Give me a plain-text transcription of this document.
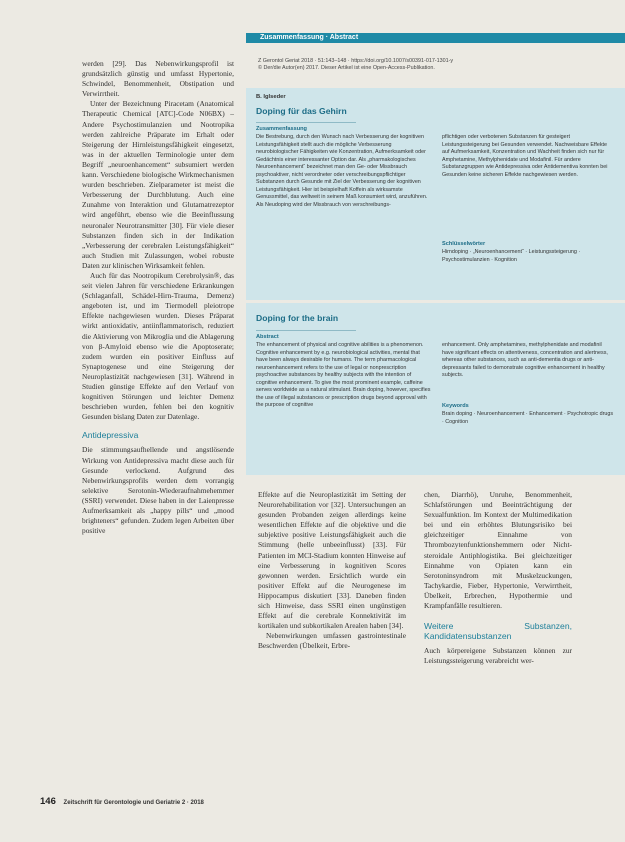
werden [29]. Das Nebenwirkungsprofil ist grundsätzlich günstig und umfasst Hypertonie, Schwindel, Benommenheit, Obstipation und Verwirrtheit.

Unter der Bezeichnung Piracetam (Anatomical Therapeutic Chemical [ATC]-Code N06BX) – Andere Psychostimulanzien und Nootropika werden zahlreiche Präparate im Erhalt oder Steigerung der Hirnleistungsfähigkeit eingesetzt, was in der aktuellen Terminologie unter dem Begriff „neuroenhancement“ subsumiert werden kann. Verschiedene biologische Wirkmechanismen wurden beschrieben. Zielparameter ist meist die Verbesserung der Durchblutung. Auch eine Zunahme von Interaktion und Glutamatrezeptor wird angeführt, ebenso wie die Beeinflussung neuronaler Neurotransmitter [30]. Für viele dieser Substanzen finden sich in der Indikation „Verbesserung der cerebralen Leistungsfähigkeit“ auch Studien mit Zulassungen, wobei robuste Daten zur klinischen Wirksamkeit fehlen.

Auch für das Nootropikum Cerebrolysin®, das seit vielen Jahren für verschiedene Erkrankungen (Schlaganfall, Schädel-Hirn-Trauma, Demenz) angeboten ist, und im Tiermodell pleiotrope Effekte nachgewiesen wurden. Dieses Präparat wirkt antioxidativ, antiinflammatorisch, reduziert die Aktivierung von Mikroglia und die Ablagerung von β-Amyloid ebenso wie die Apoptoserate; zudem wurden ein positiver Einfluss auf Synaptogenese und eine Steigerung der Neuroplastizität nachgewiesen [31]. Während in Studien günstige Effekte auf den Verlauf von kognitiven Störungen und leichter Demenz beschrieben wurden, fehlen bei den kognitiv Gesunden bislang Daten zur Datenlage.

Antidepressiva

Die stimmungsaufhellende und angstlösende Wirkung von Antidepressiva macht diese auch für Gesunde verlockend. Aufgrund des Nebenwirkungsprofils werden dem vorrangig selektive Serotonin-Wiederaufnahmehemmer (SSRI) verwendet. Diese haben in der Laienpresse Aufmerksamkeit als „happy pills“ und „mood brighteners“ gefunden. Zudem legen Arbeiten über positive

Zusammenfassung · Abstract
Z Gerontol Geriat 2018 · 51:143–148 · https://doi.org/10.1007/s00391-017-1301-y
© Der/die Autor(en) 2017. Dieser Artikel ist eine Open-Access-Publikation.
B. Iglseder
Doping für das Gehirn
Zusammenfassung
Die Bestrebung, durch den Wunsch nach Verbesserung der kognitiven Leistungsfähigkeit stellt auch die mögliche Verbesserung neurobiologischer Fähigkeiten wie Konzentration, Aufmerksamkeit oder Gedächtnis einer interessanter Option dar. Als „pharmakologisches Neuroenhancement“ bezeichnet man den Ge- oder Missbrauch psychoaktiver, nicht verordneter oder verschreibungspflichtiger Substanzen durch Gesunde mit Ziel der Verbesserung der kognitiven Leistungsfähigkeit. Hier ist beispielhaft Koffein als wirksamste Genussmittel, das weltweit in seinem Maß konsumiert wird, anzuführen. Als Neudoping wird der Missbrauch von verschreibungs-
pflichtigen oder verbotenen Substanzen für gesteigert Leistungssteigerung bei Gesunden verwendet. Nachweisbare Effekte auf Aufmerksamkeit, Konzentration und Wachheit finden sich nur für Amphetamine, Methylphenidate und Modafinil. Für andere Substanzgruppen wie Antidepressiva oder Antidementiva konnten bei Gesunden keine sicheren Effekte nachgewiesen werden.
Schlüsselwörter
Hirndoping · „Neuroenhancement“ · Leistungssteigerung · Psychostimulanzien · Kognition
Doping for the brain
Abstract
The enhancement of physical and cognitive abilities is a phenomenon. Cognitive enhancement by e.g. neurobiological activities, mental that have been always desirable for humans. The term pharmacological neuroenhancement refers to the use of legal or nonprescription psychoactive substances by healthy subjects with the intention of cognitive enhancement. To give the most prominent example, caffeine serves worldwide as a natural stimulant. Brain doping, however, specifies the use of illegal substances or prescription drugs beyond approval with the purpose of cognitive
enhancement. Only amphetamines, methylphenidate and modafinil have significant effects on attentiveness, concentration and alertness, whereas other substances, such as anti-dementia drugs or anti-depressants failed to demonstrate cognitive enhancement in healthy subjects.
Keywords
Brain doping · Neuroenhancement · Enhancement · Psychotropic drugs · Cognition

Effekte auf die Neuroplastizität im Setting der Neurorehabilitation vor [32]. Untersuchungen an gesunden Probanden zeigen allerdings keine wesentlichen Effekte auf die objektive und die subjektive positive Leistungsfähigkeit auch die Stimmung (helle unbeeinflusst) [33]. Für Patienten im MCI-Stadium konnten Hinweise auf eine Verbesserung in kognitiven Scores gewonnen werden. Ersichtlich wurde ein positiver Effekt auf die Neurogenese im Hippocampus diskutiert [33]. Daneben finden sich Hinweise, dass SSRI einen ungünstigen Effekt auf die cerebrale Konnektivität im kortikalen und subkortikalen Arealen haben [34].

Nebenwirkungen umfassen gastrointestinale Beschwerden (Übelkeit, Erbre-

chen, Diarrhö), Unruhe, Benommenheit, Schlafstörungen und Beeinträchtigung der Sexualfunktion. Im Kontext der Multimedikation bei und ein erhöhtes Blutungsrisiko bei gleichzeitiger Einnahme von Thrombozytenfunktionshemmern oder Nicht-steroidale Antiphlogistika. Bei gleichzeitiger Einnahme von Opiaten kann ein Serotoninsyndrom mit Muskelzuckungen, Tachykardie, Fieber, Hypertonie, Verwirrtheit, Übelkeit, Erbrechen, Hypothermie und Krampfanfälle resultieren.

Weitere Substanzen, Kandidatensubstanzen

Auch körpereigene Substanzen können zur Leistungssteigerung verabreicht wer-

146 Zeitschrift für Gerontologie und Geriatrie 2 · 2018
